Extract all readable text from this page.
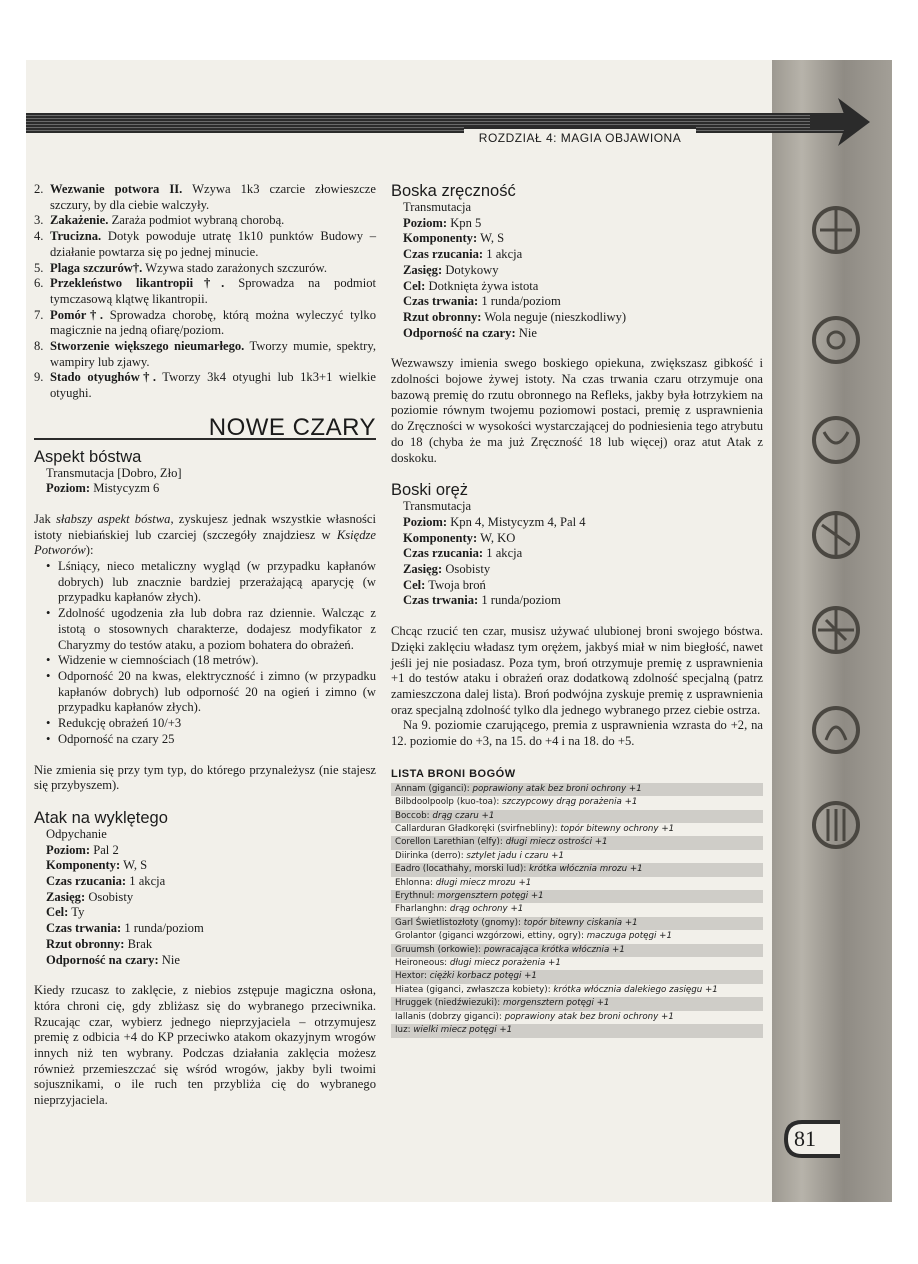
ROZDZIAŁ 4: MAGIA OBJAWIONA
2. Wezwanie potwora II. Wzywa 1k3 czarcie złowieszcze szczury, by dla ciebie walczyły.
3. Zakażenie. Zaraża podmiot wybraną chorobą.
4. Trucizna. Dotyk powoduje utratę 1k10 punktów Budowy – działanie powtarza się po jednej minucie.
5. Plaga szczurów†. Wzywa stado zarażonych szczurów.
6. Przekleństwo likantropii†. Sprowadza na podmiot tymczasową klątwę likantropii.
7. Pomór†. Sprowadza chorobę, którą można wyleczyć tylko magicznie na jedną ofiarę/poziom.
8. Stworzenie większego nieumarłego. Tworzy mumie, spektry, wampiry lub zjawy.
9. Stado otyughów†. Tworzy 3k4 otyughi lub 1k3+1 wielkie otyughi.
NOWE CZARY
Aspekt bóstwa

Transmutacja [Dobro, Zło]

Poziom: Mistycyzm 6

Jak słabszy aspekt bóstwa, zyskujesz jednak wszystkie własności istoty niebiańskiej lub czarciej (szczegóły znajdziesz w Księdze Potworów):

• Lśniący, nieco metaliczny wygląd (w przypadku kapłanów dobrych) lub znacznie bardziej przerażającą aparycję (w przypadku kapłanów złych).
• Zdolność ugodzenia zła lub dobra raz dziennie. Walcząc z istotą o stosownych charakterze, dodajesz modyfikator z Charyzmy do testów ataku, a poziom bohatera do obrażeń.
• Widzenie w ciemnościach (18 metrów).
• Odporność 20 na kwas, elektryczność i zimno (w przypadku kapłanów dobrych) lub odporność 20 na ogień i zimno (w przypadku kapłanów złych).
• Redukcję obrażeń 10/+3
• Odporność na czary 25

Nie zmienia się przy tym typ, do którego przynależysz (nie stajesz się przybyszem).

Atak na wyklętego

Odpychanie

Poziom: Pal 2

Komponenty: W, S

Czas rzucania: 1 akcja

Zasięg: Osobisty

Cel: Ty

Czas trwania: 1 runda/poziom

Rzut obronny: Brak

Odporność na czary: Nie

Kiedy rzucasz to zaklęcie, z niebios zstępuje magiczna osłona, która chroni cię, gdy zbliżasz się do wybranego przeciwnika. Rzucając czar, wybierz jednego nieprzyjaciela – otrzymujesz premię z odbicia +4 do KP przeciwko atakom okazyjnym wrogów innych niż ten wybrany. Podczas działania zaklęcia możesz również przemieszczać się wśród wrogów, jakby byli twoimi sojusznikami, o ile ruch ten przybliża cię do wybranego nieprzyjaciela.

Boska zręczność

Transmutacja

Poziom: Kpn 5

Komponenty: W, S

Czas rzucania: 1 akcja

Zasięg: Dotykowy

Cel: Dotknięta żywa istota

Czas trwania: 1 runda/poziom

Rzut obronny: Wola neguje (nieszkodliwy)

Odporność na czary: Nie

Wezwawszy imienia swego boskiego opiekuna, zwiększasz gibkość i zdolności bojowe żywej istoty. Na czas trwania czaru otrzymuje ona bazową premię do rzutu obronnego na Refleks, jakby była łotrzykiem na poziomie równym twojemu poziomowi postaci, premię z usprawnienia do Zręczności w wysokości wystarczającej do podniesienia tego atrybutu do 18 (chyba że ma już Zręczność 18 lub więcej) oraz atut Atak z doskoku.

Boski oręż

Transmutacja

Poziom: Kpn 4, Mistycyzm 4, Pal 4

Komponenty: W, KO

Czas rzucania: 1 akcja

Zasięg: Osobisty

Cel: Twoja broń

Czas trwania: 1 runda/poziom

Chcąc rzucić ten czar, musisz używać ulubionej broni swojego bóstwa. Dzięki zaklęciu władasz tym orężem, jakbyś miał w nim biegłość, nawet jeśli jej nie posiadasz. Poza tym, broń otrzymuje premię z usprawnienia +1 do testów ataku i obrażeń oraz dodatkową zdolność specjalną (patrz zamieszczona dalej lista). Broń podwójna zyskuje premię z usprawnienia oraz specjalną zdolność tylko dla jednego wybranego przez ciebie ostrza.

Na 9. poziomie czarującego, premia z usprawnienia wzrasta do +2, na 12. poziomie do +3, na 15. do +4 i na 18. do +5.

LISTA BRONI BOGÓW
Annam (giganci): poprawiony atak bez broni ochrony +1
Bilbdoolpoolp (kuo-toa): szczypcowy drąg porażenia +1
Boccob: drąg czaru +1
Callarduran Gładkoręki (svirfnebliny): topór bitewny ochrony +1
Corellon Larethian (elfy): długi miecz ostrości +1
Diirinka (derro): sztylet jadu i czaru +1
Eadro (locathahy, morski lud): krótka włócznia mrozu +1
Ehlonna: długi miecz mrozu +1
Erythnul: morgensztern potęgi +1
Fharlanghn: drąg ochrony +1
Garl Świetlistozłoty (gnomy): topór bitewny ciskania +1
Grolantor (giganci wzgórzowi, ettiny, ogry): maczuga potęgi +1
Gruumsh (orkowie): powracająca krótka włócznia +1
Heironeous: długi miecz porażenia +1
Hextor: ciężki korbacz potęgi +1
Hiatea (giganci, zwłaszcza kobiety): krótka włócznia dalekiego zasięgu +1
Hruggek (niedźwiezuki): morgensztern potęgi +1
Iallanis (dobrzy giganci): poprawiony atak bez broni ochrony +1
Iuz: wielki miecz potęgi +1
81
